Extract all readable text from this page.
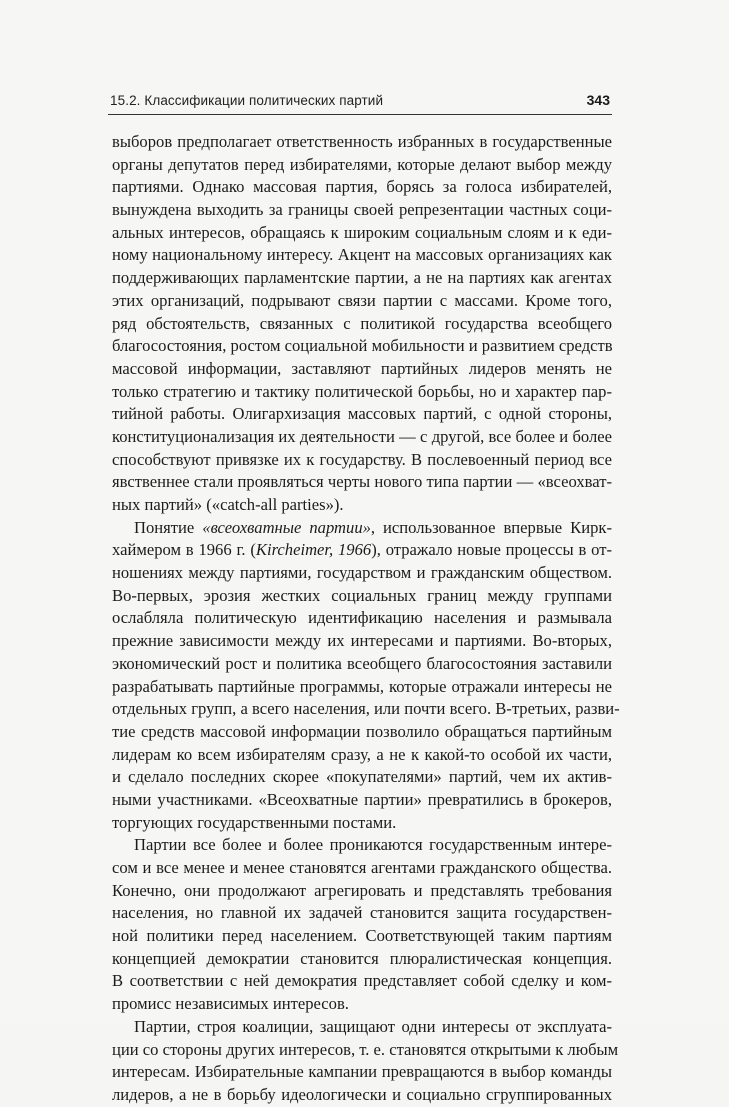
15.2. Классификации политических партий	343
выборов предполагает ответственность избранных в государственные
органы депутатов перед избирателями, которые делают выбор между
партиями. Однако массовая партия, борясь за голоса избирателей,
вынуждена выходить за границы своей репрезентации частных соци-
альных интересов, обращаясь к широким социальным слоям и к еди-
ному национальному интересу. Акцент на массовых организациях как
поддерживающих парламентские партии, а не на партиях как агентах
этих организаций, подрывают связи партии с массами. Кроме того,
ряд обстоятельств, связанных с политикой государства всеобщего
благосостояния, ростом социальной мобильности и развитием средств
массовой информации, заставляют партийных лидеров менять не
только стратегию и тактику политической борьбы, но и характер пар-
тийной работы. Олигархизация массовых партий, с одной стороны,
конституционализация их деятельности — с другой, все более и более
способствуют привязке их к государству. В послевоенный период все
явственнее стали проявляться черты нового типа партии — «всеохват-
ных партий» («catch-all parties»).
Понятие «всеохватные партии», использованное впервые Кирк-
хаймером в 1966 г. (Kircheimer, 1966), отражало новые процессы в от-
ношениях между партиями, государством и гражданским обществом.
Во-первых, эрозия жестких социальных границ между группами
ослабляла политическую идентификацию населения и размывала
прежние зависимости между их интересами и партиями. Во-вторых,
экономический рост и политика всеобщего благосостояния заставили
разрабатывать партийные программы, которые отражали интересы не
отдельных групп, а всего населения, или почти всего. В-третьих, разви-
тие средств массовой информации позволило обращаться партийным
лидерам ко всем избирателям сразу, а не к какой-то особой их части,
и сделало последних скорее «покупателями» партий, чем их актив-
ными участниками. «Всеохватные партии» превратились в брокеров,
торгующих государственными постами.
Партии все более и более проникаются государственным интере-
сом и все менее и менее становятся агентами гражданского общества.
Конечно, они продолжают агрегировать и представлять требования
населения, но главной их задачей становится защита государствен-
ной политики перед населением. Соответствующей таким партиям
концепцией демократии становится плюралистическая концепция.
В соответствии с ней демократия представляет собой сделку и ком-
промисс независимых интересов.
Партии, строя коалиции, защищают одни интересы от эксплуата-
ции со стороны других интересов, т. е. становятся открытыми к любым
интересам. Избирательные кампании превращаются в выбор команды
лидеров, а не в борьбу идеологически и социально сгруппированных
